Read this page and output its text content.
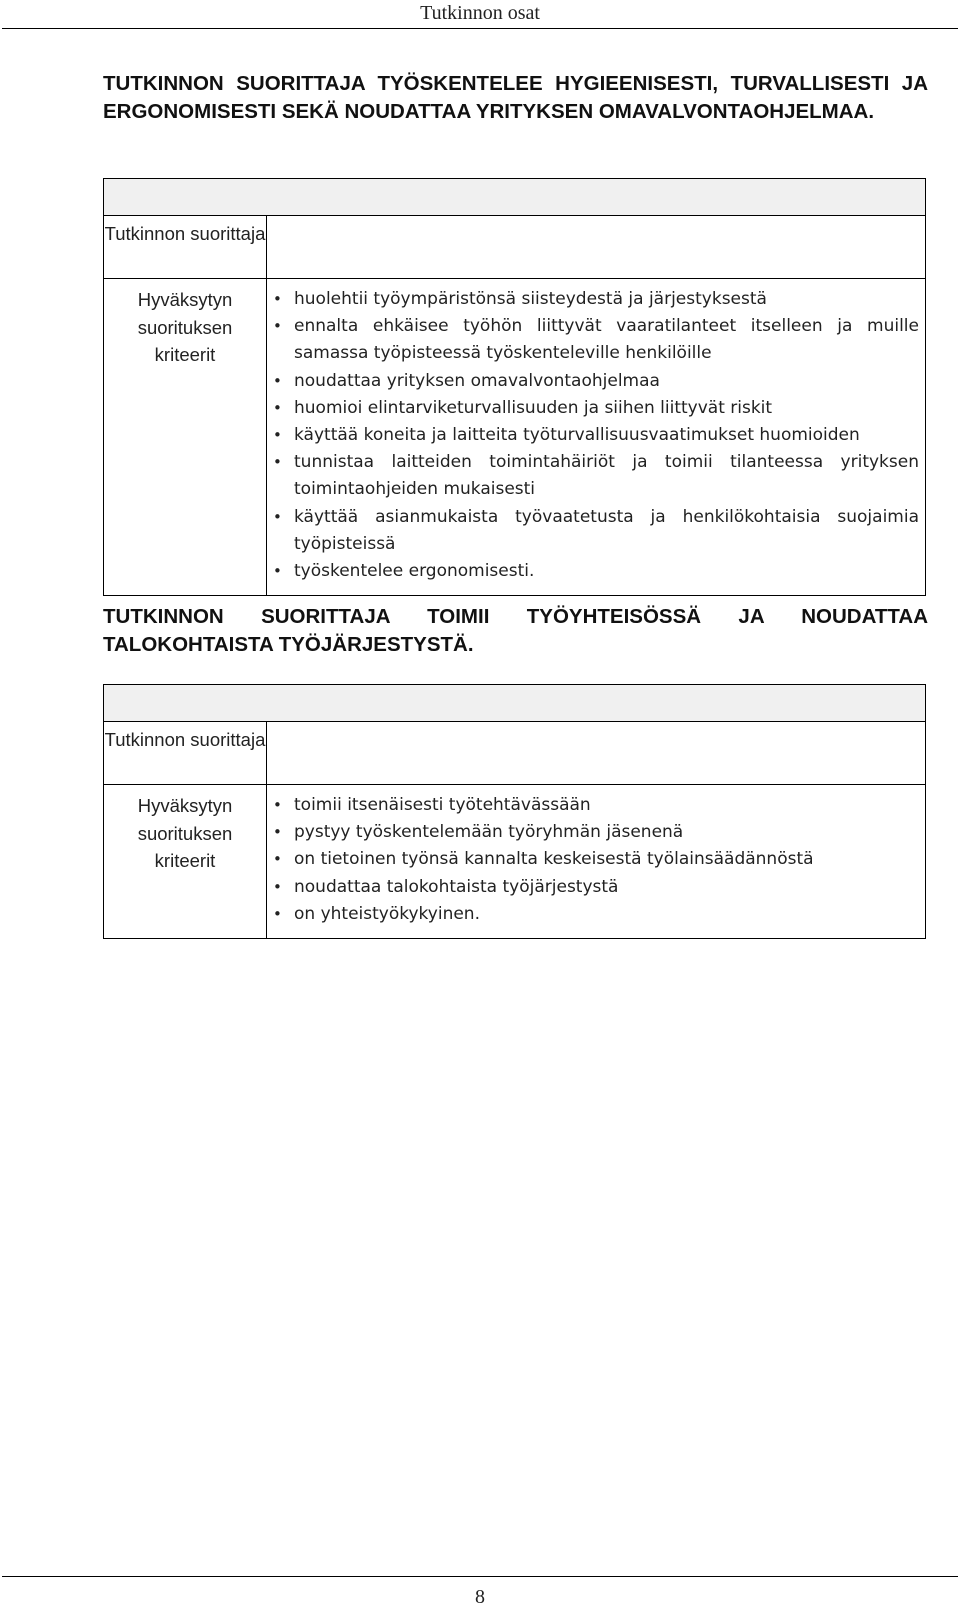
Tutkinnon osat
TUTKINNON SUORITTAJA TYÖSKENTELEE HYGIEENISESTI, TURVALLISESTI JA ERGONOMISESTI SEKÄ NOUDATTAA YRITYKSEN OMAVALVONTAOHJELMAA.
Tutkinnon suorittaja
Hyväksytyn suorituksen kriteerit
• huolehtii työympäristönsä siisteydestä ja järjestyksestä
• ennalta ehkäisee työhön liittyvät vaaratilanteet itselleen ja muille samassa työpisteessä työskenteleville henkilöille
• noudattaa yrityksen omavalvontaohjelmaa
• huomioi elintarviketurvallisuuden ja siihen liittyvät riskit
• käyttää koneita ja laitteita työturvallisuusvaatimukset huomioiden
• tunnistaa laitteiden toimintahäiriöt ja toimii tilanteessa yrityksen toimintaohjeiden mukaisesti
• käyttää asianmukaista työvaatetusta ja henkilökohtaisia suojaimia työpisteissä
• työskentelee ergonomisesti.
TUTKINNON SUORITTAJA TOIMII TYÖYHTEISÖSSÄ JA NOUDATTAA TALOKOHTAISTA TYÖJÄRJESTYSTÄ.
Tutkinnon suorittaja
Hyväksytyn suorituksen kriteerit
• toimii itsenäisesti työtehtävässään
• pystyy työskentelemään työryhmän jäsenenä
• on tietoinen työnsä kannalta keskeisestä työlainsäädännöstä
• noudattaa talokohtaista työjärjestystä
• on yhteistyökykyinen.
8
